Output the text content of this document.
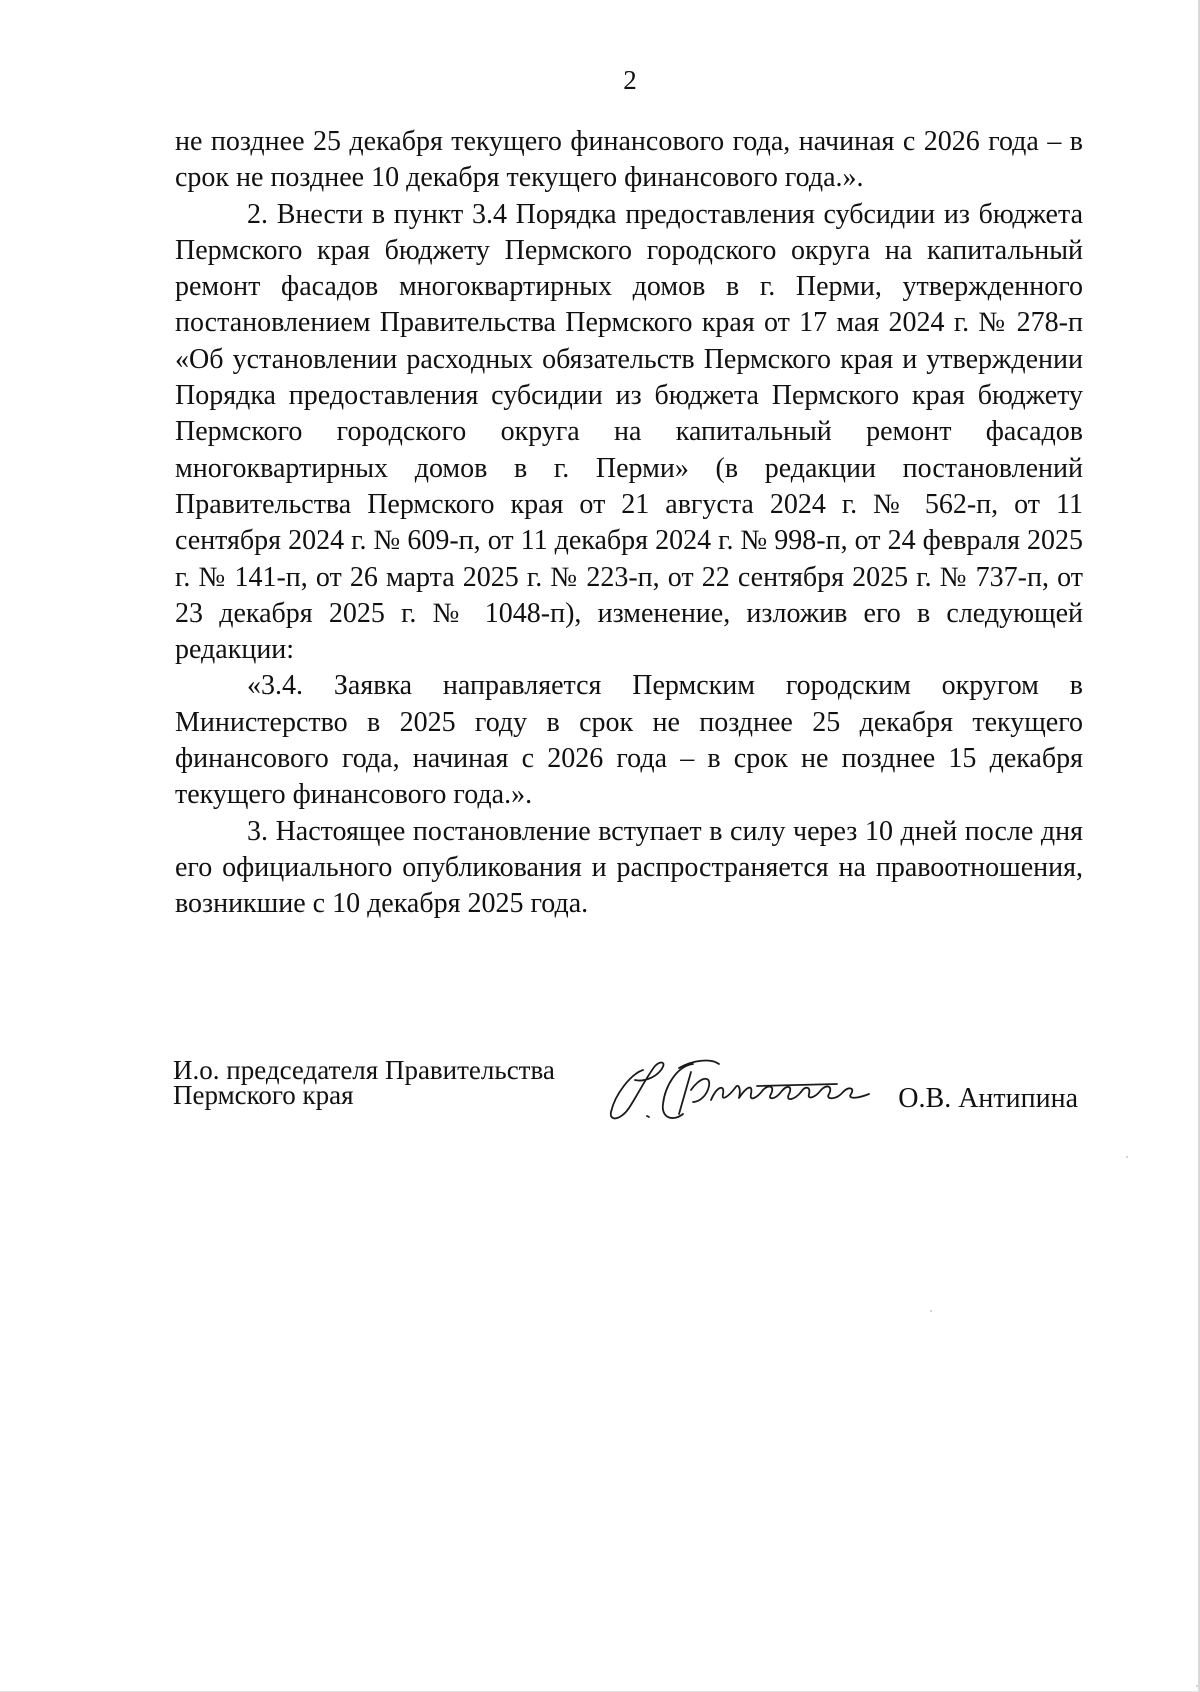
2

не позднее 25 декабря текущего финансового года, начиная с 2026 года – в срок не позднее 10 декабря текущего финансового года.».

2. Внести в пункт 3.4 Порядка предоставления субсидии из бюджета Пермского края бюджету Пермского городского округа на капитальный ремонт фасадов многоквартирных домов в г. Перми, утвержденного постановлением Правительства Пермского края от 17 мая 2024 г. № 278-п «Об установлении расходных обязательств Пермского края и утверждении Порядка предоставления субсидии из бюджета Пермского края бюджету Пермского городского округа на капитальный ремонт фасадов многоквартирных домов в г. Перми» (в редакции постановлений Правительства Пермского края от 21 августа 2024 г. № 562-п, от 11 сентября 2024 г. № 609-п, от 11 декабря 2024 г. № 998-п, от 24 февраля 2025 г. № 141-п, от 26 марта 2025 г. № 223-п, от 22 сентября 2025 г. № 737-п, от 23 декабря 2025 г. № 1048-п), изменение, изложив его в следующей редакции:

«3.4. Заявка направляется Пермским городским округом в Министерство в 2025 году в срок не позднее 25 декабря текущего финансового года, начиная с 2026 года – в срок не позднее 15 декабря текущего финансового года.».

3. Настоящее постановление вступает в силу через 10 дней после дня его официального опубликования и распространяется на правоотношения, возникшие с 10 декабря 2025 года.

И.о. председателя Правительства
Пермского края	О.В. Антипина
